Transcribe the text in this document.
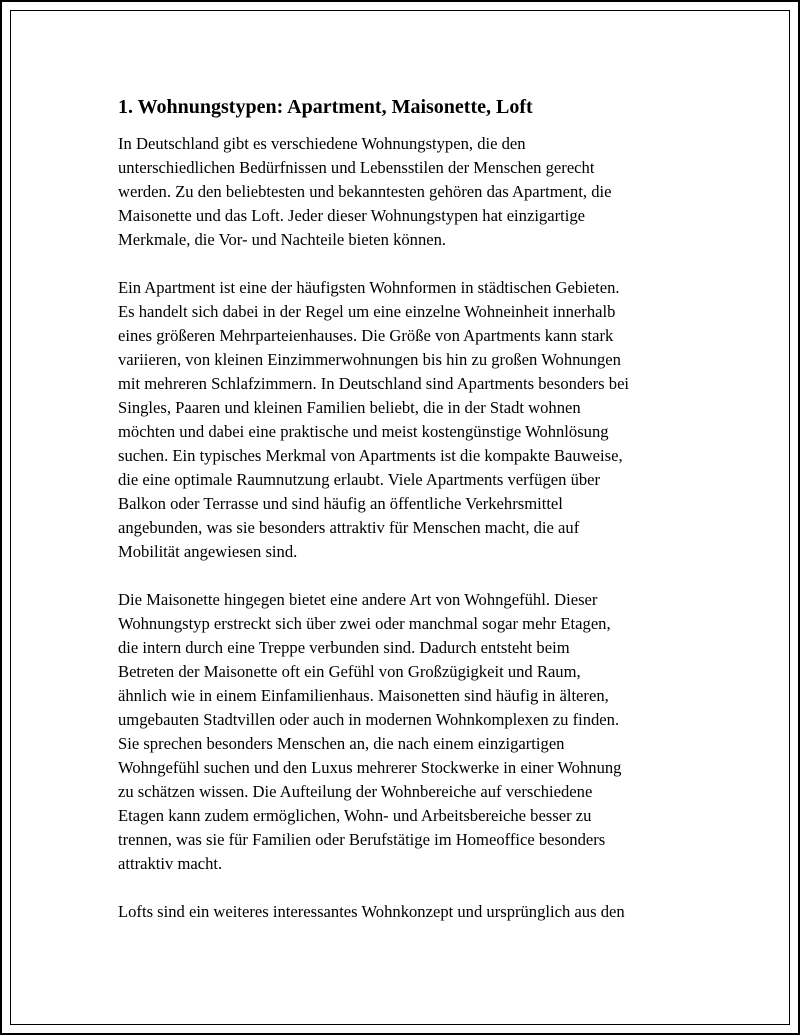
1. Wohnungstypen: Apartment, Maisonette, Loft

In Deutschland gibt es verschiedene Wohnungstypen, die den
unterschiedlichen Bedürfnissen und Lebensstilen der Menschen gerecht
werden. Zu den beliebtesten und bekanntesten gehören das Apartment, die
Maisonette und das Loft. Jeder dieser Wohnungstypen hat einzigartige
Merkmale, die Vor- und Nachteile bieten können.

Ein Apartment ist eine der häufigsten Wohnformen in städtischen Gebieten.
Es handelt sich dabei in der Regel um eine einzelne Wohneinheit innerhalb
eines größeren Mehrparteienhauses. Die Größe von Apartments kann stark
variieren, von kleinen Einzimmerwohnungen bis hin zu großen Wohnungen
mit mehreren Schlafzimmern. In Deutschland sind Apartments besonders bei
Singles, Paaren und kleinen Familien beliebt, die in der Stadt wohnen
möchten und dabei eine praktische und meist kostengünstige Wohnlösung
suchen. Ein typisches Merkmal von Apartments ist die kompakte Bauweise,
die eine optimale Raumnutzung erlaubt. Viele Apartments verfügen über
Balkon oder Terrasse und sind häufig an öffentliche Verkehrsmittel
angebunden, was sie besonders attraktiv für Menschen macht, die auf
Mobilität angewiesen sind.

Die Maisonette hingegen bietet eine andere Art von Wohngefühl. Dieser
Wohnungstyp erstreckt sich über zwei oder manchmal sogar mehr Etagen,
die intern durch eine Treppe verbunden sind. Dadurch entsteht beim
Betreten der Maisonette oft ein Gefühl von Großzügigkeit und Raum,
ähnlich wie in einem Einfamilienhaus. Maisonetten sind häufig in älteren,
umgebauten Stadtvillen oder auch in modernen Wohnkomplexen zu finden.
Sie sprechen besonders Menschen an, die nach einem einzigartigen
Wohngefühl suchen und den Luxus mehrerer Stockwerke in einer Wohnung
zu schätzen wissen. Die Aufteilung der Wohnbereiche auf verschiedene
Etagen kann zudem ermöglichen, Wohn- und Arbeitsbereiche besser zu
trennen, was sie für Familien oder Berufstätige im Homeoffice besonders
attraktiv macht.

Lofts sind ein weiteres interessantes Wohnkonzept und ursprünglich aus den
